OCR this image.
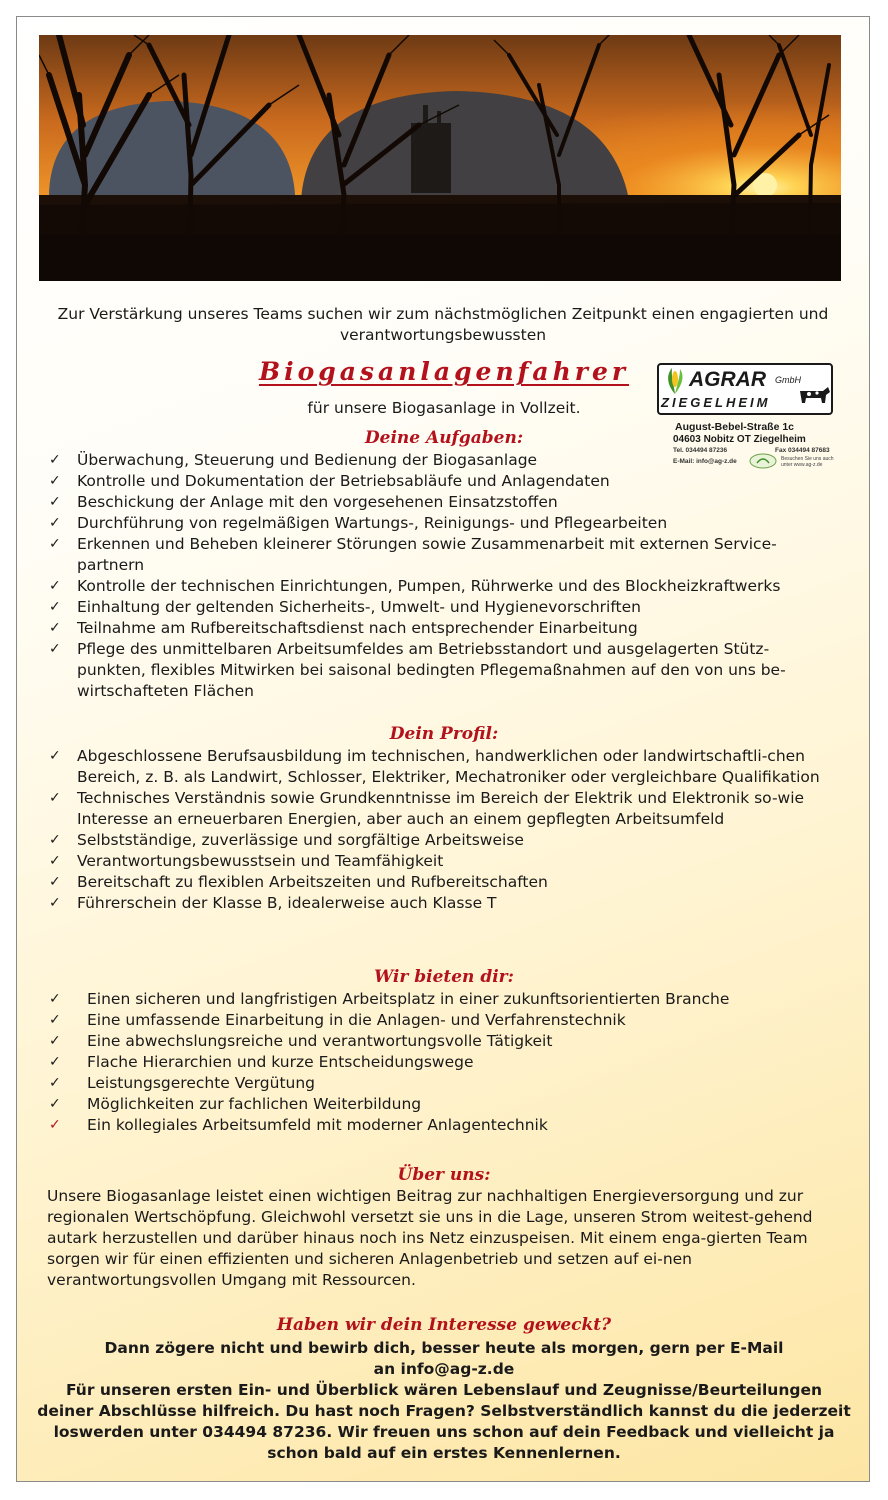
Zur Verstärkung unseres Teams suchen wir zum nächstmöglichen Zeitpunkt einen engagierten und verantwortungsbewussten
Biogasanlagenfahrer
für unsere Biogasanlage in Vollzeit.
AGRAR GmbH
ZIEGELHEIM
August-Bebel-Straße 1c
04603 Nobitz OT Ziegelheim
Tel. 034494 87236	Fax 034494 87683
E-Mail: info@ag-z.de	Besuchen Sie uns auch unter www.ag-z.de
Deine Aufgaben:
✓ Überwachung, Steuerung und Bedienung der Biogasanlage
✓ Kontrolle und Dokumentation der Betriebsabläufe und Anlagendaten
✓ Beschickung der Anlage mit den vorgesehenen Einsatzstoffen
✓ Durchführung von regelmäßigen Wartungs-, Reinigungs- und Pflegearbeiten
✓ Erkennen und Beheben kleinerer Störungen sowie Zusammenarbeit mit externen Service-partnern
✓ Kontrolle der technischen Einrichtungen, Pumpen, Rührwerke und des Blockheizkraftwerks
✓ Einhaltung der geltenden Sicherheits-, Umwelt- und Hygienevorschriften
✓ Teilnahme am Rufbereitschaftsdienst nach entsprechender Einarbeitung
✓ Pflege des unmittelbaren Arbeitsumfeldes am Betriebsstandort und ausgelagerten Stütz-punkten, flexibles Mitwirken bei saisonal bedingten Pflegemaßnahmen auf den von uns be-wirtschafteten Flächen
Dein Profil:
✓ Abgeschlossene Berufsausbildung im technischen, handwerklichen oder landwirtschaftli-chen Bereich, z. B. als Landwirt, Schlosser, Elektriker, Mechatroniker oder vergleichbare Qualifikation
✓ Technisches Verständnis sowie Grundkenntnisse im Bereich der Elektrik und Elektronik so-wie Interesse an erneuerbaren Energien, aber auch an einem gepflegten Arbeitsumfeld
✓ Selbstständige, zuverlässige und sorgfältige Arbeitsweise
✓ Verantwortungsbewusstsein und Teamfähigkeit
✓ Bereitschaft zu flexiblen Arbeitszeiten und Rufbereitschaften
✓ Führerschein der Klasse B, idealerweise auch Klasse T
Wir bieten dir:
✓ Einen sicheren und langfristigen Arbeitsplatz in einer zukunftsorientierten Branche
✓ Eine umfassende Einarbeitung in die Anlagen- und Verfahrenstechnik
✓ Eine abwechslungsreiche und verantwortungsvolle Tätigkeit
✓ Flache Hierarchien und kurze Entscheidungswege
✓ Leistungsgerechte Vergütung
✓ Möglichkeiten zur fachlichen Weiterbildung
✓ Ein kollegiales Arbeitsumfeld mit moderner Anlagentechnik
Über uns:
Unsere Biogasanlage leistet einen wichtigen Beitrag zur nachhaltigen Energieversorgung und zur regionalen Wertschöpfung. Gleichwohl versetzt sie uns in die Lage, unseren Strom weitest-gehend autark herzustellen und darüber hinaus noch ins Netz einzuspeisen. Mit einem enga-gierten Team sorgen wir für einen effizienten und sicheren Anlagenbetrieb und setzen auf ei-nen verantwortungsvollen Umgang mit Ressourcen.
Haben wir dein Interesse geweckt?
Dann zögere nicht und bewirb dich, besser heute als morgen, gern per E-Mail
an info@ag-z.de
Für unseren ersten Ein- und Überblick wären Lebenslauf und Zeugnisse/Beurteilungen deiner Abschlüsse hilfreich. Du hast noch Fragen? Selbstverständlich kannst du die jederzeit loswerden unter 034494 87236. Wir freuen uns schon auf dein Feedback und vielleicht ja schon bald auf ein erstes Kennenlernen.
